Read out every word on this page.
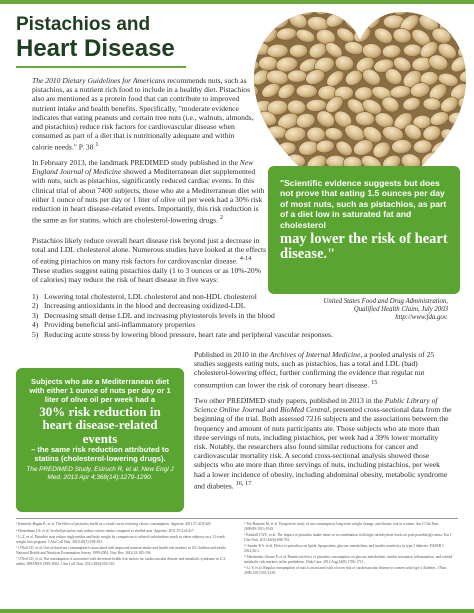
Pistachios and
Heart Disease

The 2010 Dietary Guidelines for Americans recommends nuts, such as pistachios, as a nutrient rich food to include in a healthy diet. Pistachios also are mentioned as a protein food that can contribute to improved nutrient intake and health benefits. Specifically, "moderate evidence indicates that eating peanuts and certain tree nuts (i.e., walnuts, almonds, and pistachios) reduce risk factors for cardiovascular disease when consumed as part of a diet that is nutritionally adequate and within calorie needs." P. 38 $^1$

In February 2013, the landmark PREDIMED study published in the New England Journal of Medicine showed a Mediterranean diet supplemented with nuts, such as pistachios, significantly reduced cardiac events. In this clinical trial of about 7400 subjects, those who ate a Mediterranean diet with either 1 ounce of nuts per day or 1 liter of olive oil per week had a 30% risk reduction in heart disease-related events. Importantly, this risk reduction is the same as for statins, which are cholesterol-lowering drugs. $^2$

Pistachios likely reduce overall heart disease risk beyond just a decrease in total and LDL cholesterol alone. Numerous studies have looked at the effects of eating pistachios on many risk factors for cardiovascular disease. $^{4-14}$ These studies suggest eating pistachios daily (1 to 3 ounces or as 10%-20% of calories) may reduce the risk of heart disease in five ways:

1) Lowering total cholesterol, LDL cholesterol and non-HDL cholesterol
2) Increasing antioxidants in the blood and decreasing oxidized-LDL
3) Decreasing small dense LDL and increasing phytosterols levels in the blood
4) Providing beneficial anti-inflammatory properties
5) Reducing acute stress by lowering blood pressure, heart rate and peripheral vascular responses.
"Scientific evidence suggests but does not prove that eating 1.5 ounces per day of most nuts, such as pistachios, as part of a diet low in saturated fat and cholesterol
may lower the risk of heart disease."
United States Food and Drug Administration,
Qualified Health Claim, July 2003
http://www.fda.gov.
Subjects who ate a Mediterranean diet with either 1 ounce of nuts per day or 1 liter of olive oil per week had a
30% risk reduction in heart disease-related events
– the same risk reduction attributed to statins (cholesterol-lowering drugs).
The PREDIMED Study, Estruch R, et al. New Engl J Med. 2013 Apr 4;368(14):1279-1290.

Published in 2010 in the Archives of Internal Medicine, a pooled analysis of 25 studies suggests eating nuts, such as pistachios, has a total and LDL (bad) cholesterol-lowering effect, further confirming the evidence that regular nut consumption can lower the risk of coronary heart disease. $^{15}$

Two other PREDIMED study papers, published in 2013 in the Public Library of Science Online Journal and BioMed Central, presented cross-sectional data from the beginning of the trial. Both assessed 7216 subjects and the associations between the frequency and amount of nuts participants ate. Those subjects who ate more than three servings of nuts, including pistachios, per week had a 39% lower mortality risk. Notably, the researchers also found similar reductions for cancer and cardiovascular mortality risk. A second cross-sectional analysis showed those subjects who ate more than three servings of nuts, including pistachios, per week had a lower incidence of obesity, including abdominal obesity, metabolic syndrome and diabetes. $^{16, 17}$

³ Kennedy-Hagan K, et al. The effect of pistachio shells as a visual cue in reducing caloric consumption. Appetite. 2011;57:418-420.
⁴ Honselman CS, et al. In-shell pistachio nuts reduce caloric intake compared to shelled nuts. Appetite. 2011;57:414-417.
⁵ Li Z, et al. Pistachio nuts reduce triglycerides and body weight by comparison to refined carbohydrate snack in obese subjects on a 12-week weight loss program. J Am Coll Nutr. 2010;29(3):198-203.
⁶ O'Neil CE, et al. Out-of-hand nut consumption is associated with improved nutrient intake and health risk markers in US children and adults: National Health and Nutrition Examination Survey 1999-2004. Nutr Res. 2012;32:185-194.
⁷ O'Neil CE, et al. Nut consumption is associated with decreased health risk factors for cardiovascular disease and metabolic syndrome in U.S. adults: NHANES 1999-2004. J Am Coll Nutr. 2011;30(6):502-510.
⁸ Tey-Bastedo M, et al. Prospective study of nut consumption, long-term weight change, and obesity risk in women. Am J Clin Nutr. 2009;89:1913-1919.
⁹ Kendall CWC, et al. The impact of pistachio intake alone or in combination with high-carbohydrate foods on post-prandial glycemia. Eur J Clin Nutr. 2011;65(6):696-702.
¹⁰ Sauder KA, et al. Effect of pistachios on lipids, lipoproteins, glucose metabolism, and insulin sensitivity in type 2 diabetes. FASEB J. 2012;26:1.
¹¹ Hernández-Alonso P, et al. Beneficial effect of pistachio consumption on glucose metabolism, insulin resistance, inflammation, and related metabolic risk markers in the prediabetic. Diab Care. 2014 Aug;34(8):1706-1711.
¹² Li Y, et al. Regular consumption of nuts is associated with a lower risk of cardiovascular disease in women with type 2 diabetes. J Nutr. 2009;139:1333-1338.
